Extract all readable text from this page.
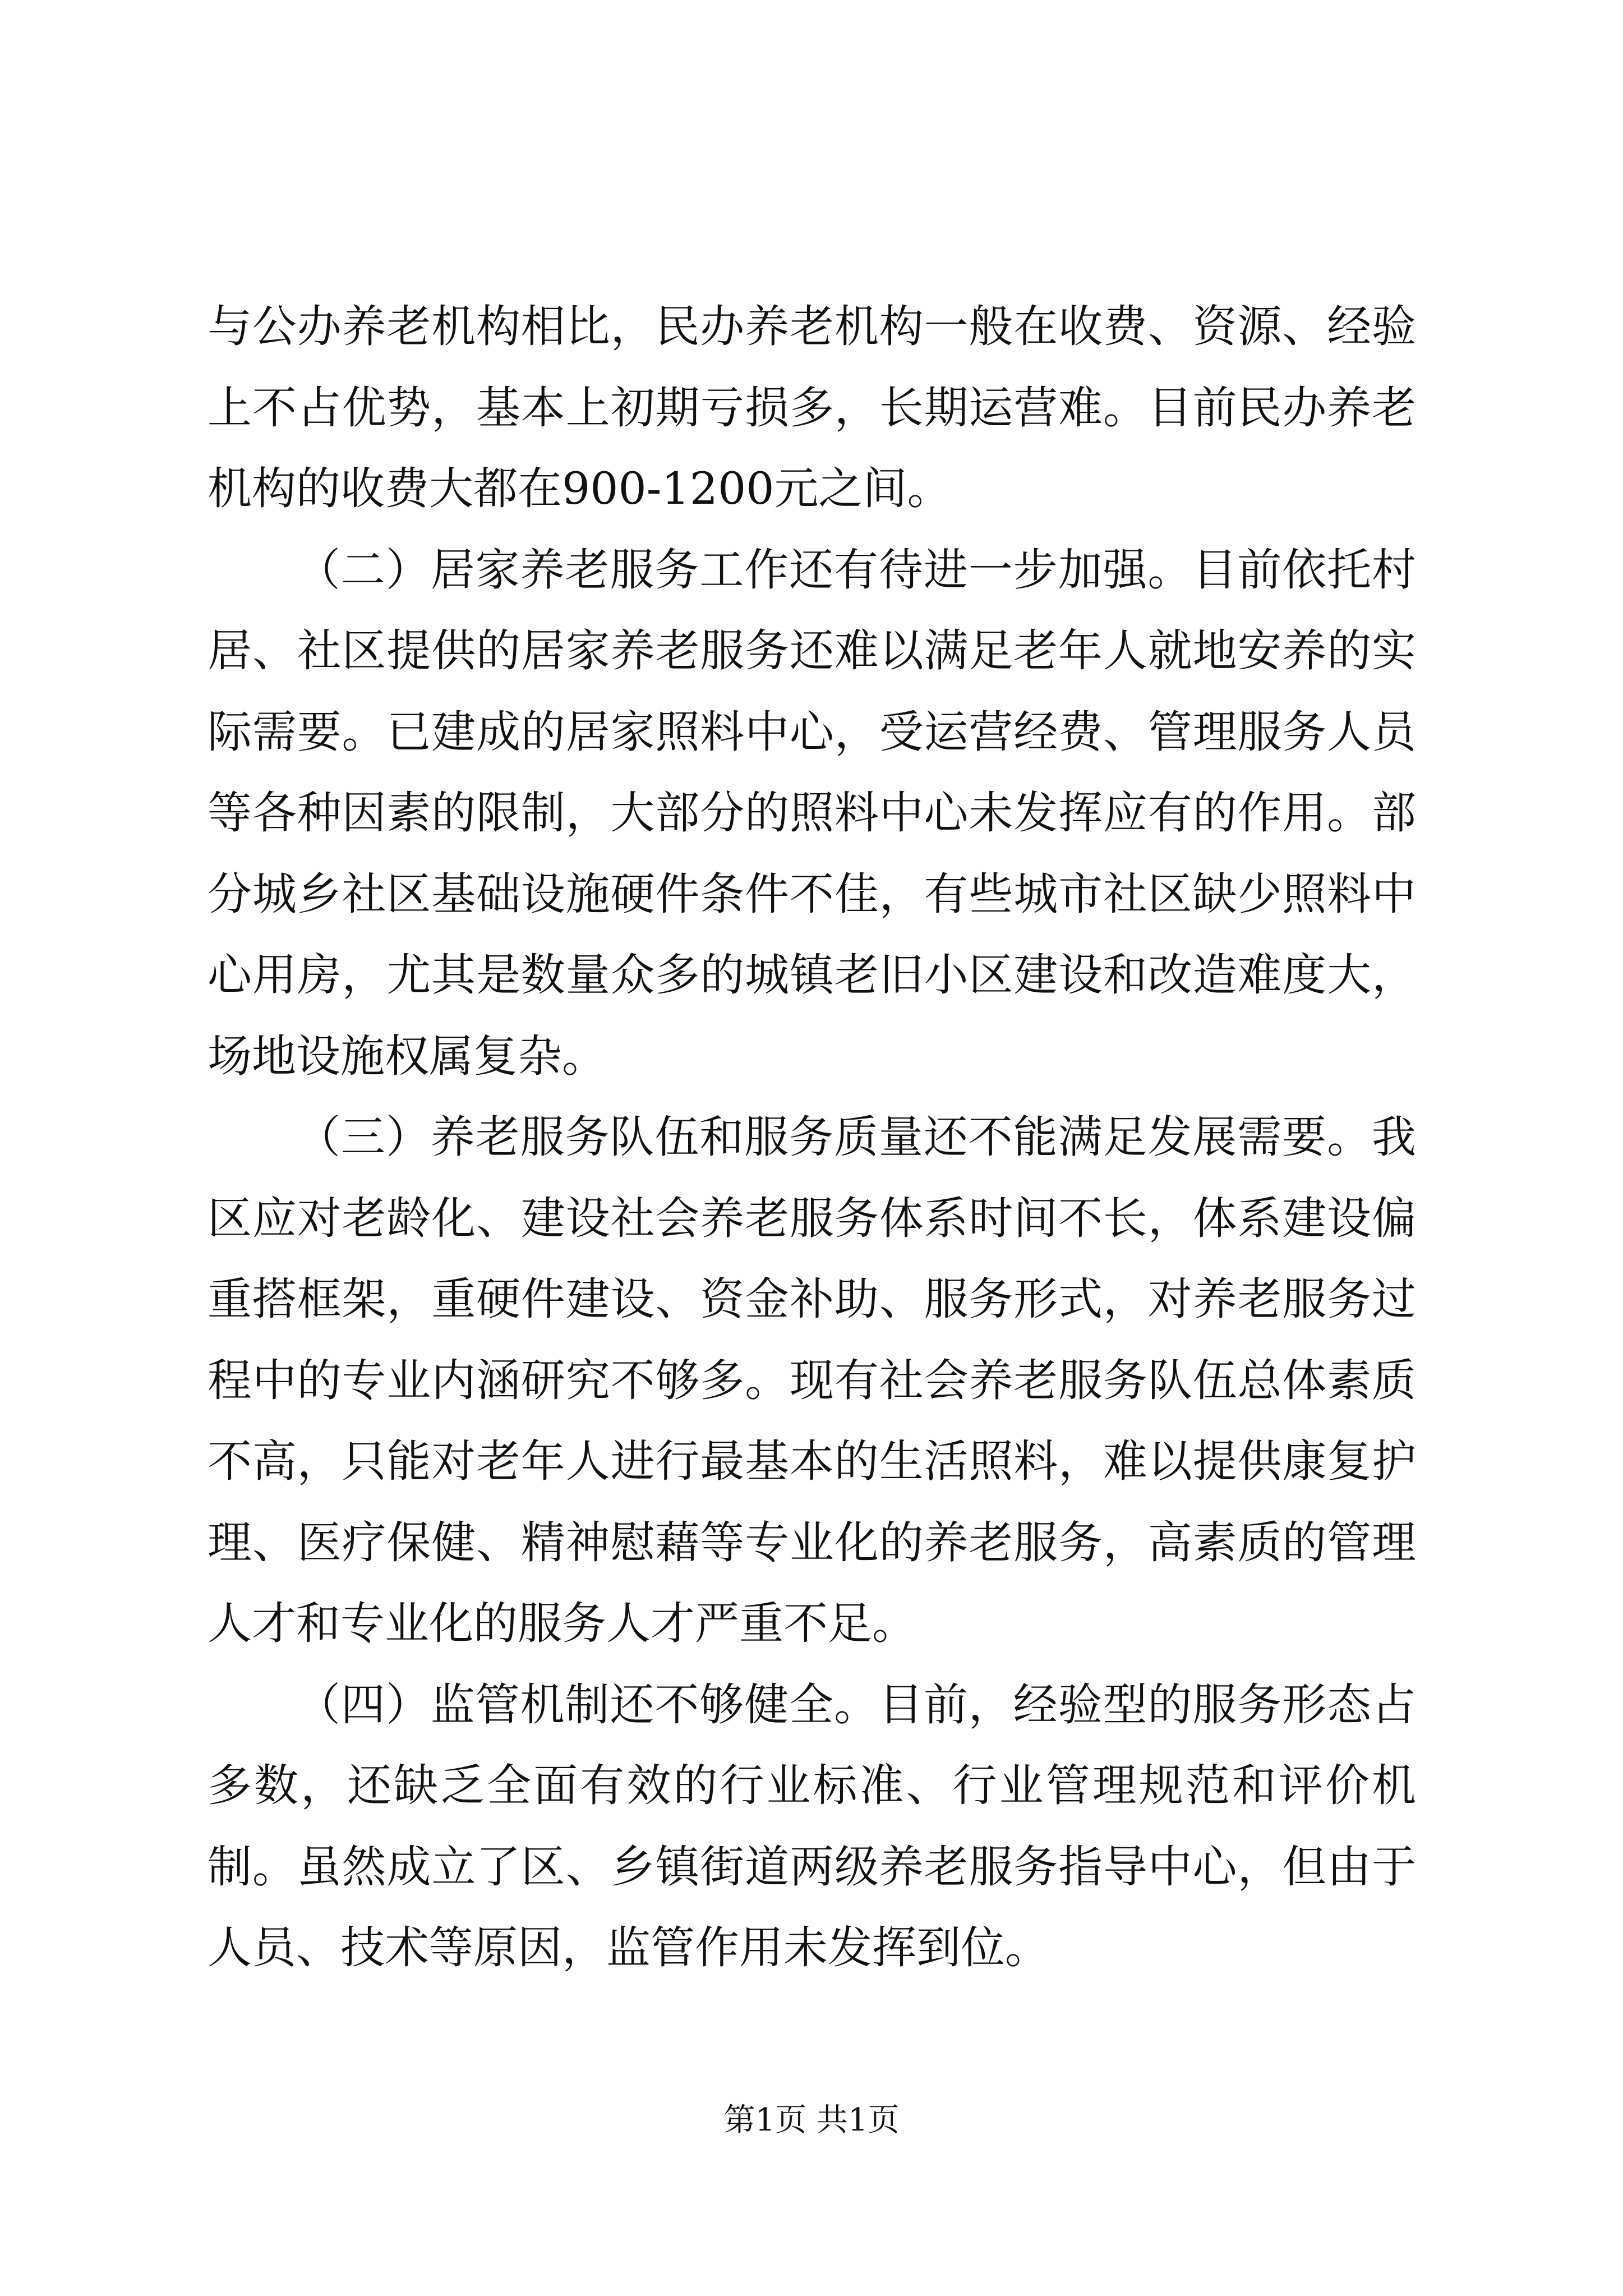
与公办养老机构相比，民办养老机构一般在收费、资源、经验上不占优势，基本上初期亏损多，长期运营难。目前民办养老机构的收费大都在900-1200元之间。

（二）居家养老服务工作还有待进一步加强。目前依托村居、社区提供的居家养老服务还难以满足老年人就地安养的实际需要。已建成的居家照料中心，受运营经费、管理服务人员等各种因素的限制，大部分的照料中心未发挥应有的作用。部分城乡社区基础设施硬件条件不佳，有些城市社区缺少照料中心用房，尤其是数量众多的城镇老旧小区建设和改造难度大，场地设施权属复杂。

（三）养老服务队伍和服务质量还不能满足发展需要。我区应对老龄化、建设社会养老服务体系时间不长，体系建设偏重搭框架，重硬件建设、资金补助、服务形式，对养老服务过程中的专业内涵研究不够多。现有社会养老服务队伍总体素质不高，只能对老年人进行最基本的生活照料，难以提供康复护理、医疗保健、精神慰藉等专业化的养老服务，高素质的管理人才和专业化的服务人才严重不足。

（四）监管机制还不够健全。目前，经验型的服务形态占多数，还缺乏全面有效的行业标准、行业管理规范和评价机制。虽然成立了区、乡镇街道两级养老服务指导中心，但由于人员、技术等原因，监管作用未发挥到位。

第1页 共1页
